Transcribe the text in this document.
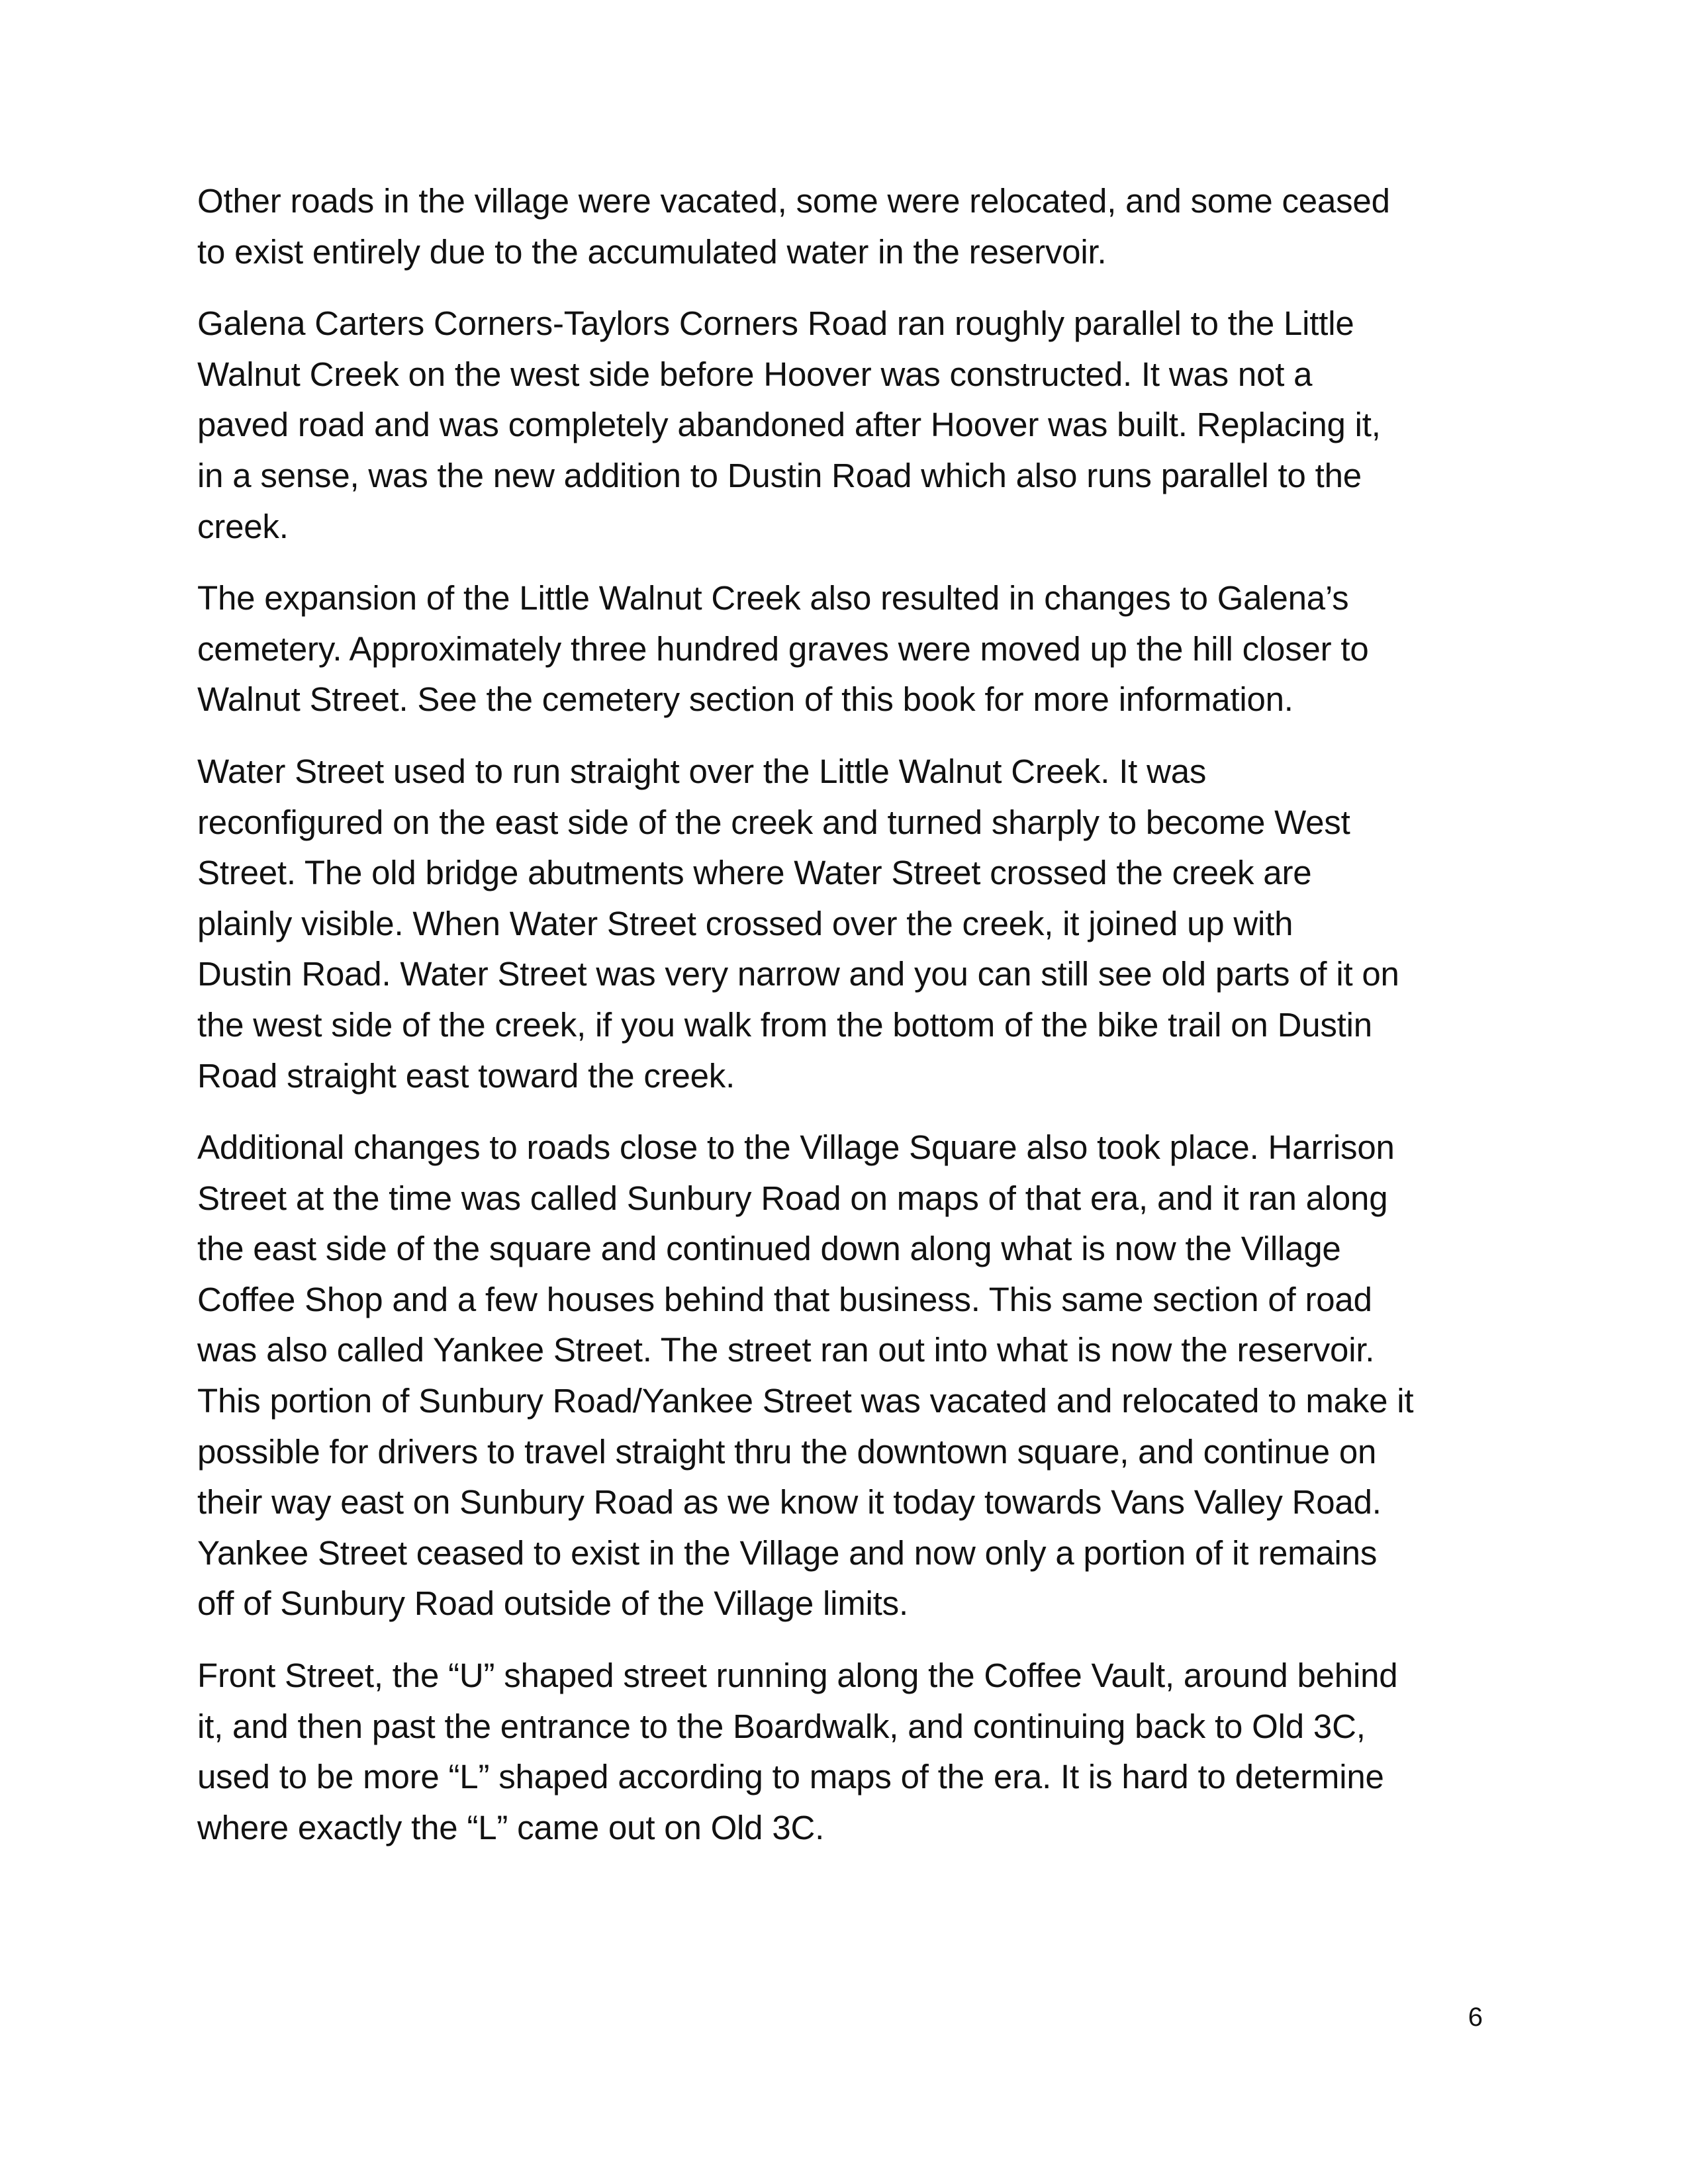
Other roads in the village were vacated, some were relocated, and some ceased
to exist entirely due to the accumulated water in the reservoir.

Galena Carters Corners-Taylors Corners Road ran roughly parallel to the Little
Walnut Creek on the west side before Hoover was constructed. It was not a
paved road and was completely abandoned after Hoover was built. Replacing it,
in a sense, was the new addition to Dustin Road which also runs parallel to the
creek.

The expansion of the Little Walnut Creek also resulted in changes to Galena’s
cemetery. Approximately three hundred graves were moved up the hill closer to
Walnut Street. See the cemetery section of this book for more information.

Water Street used to run straight over the Little Walnut Creek. It was
reconfigured on the east side of the creek and turned sharply to become West
Street. The old bridge abutments where Water Street crossed the creek are
plainly visible. When Water Street crossed over the creek, it joined up with
Dustin Road. Water Street was very narrow and you can still see old parts of it on
the west side of the creek, if you walk from the bottom of the bike trail on Dustin
Road straight east toward the creek.

Additional changes to roads close to the Village Square also took place. Harrison
Street at the time was called Sunbury Road on maps of that era, and it ran along
the east side of the square and continued down along what is now the Village
Coffee Shop and a few houses behind that business. This same section of road
was also called Yankee Street. The street ran out into what is now the reservoir.
This portion of Sunbury Road/Yankee Street was vacated and relocated to make it
possible for drivers to travel straight thru the downtown square, and continue on
their way east on Sunbury Road as we know it today towards Vans Valley Road.
Yankee Street ceased to exist in the Village and now only a portion of it remains
off of Sunbury Road outside of the Village limits.

Front Street, the “U” shaped street running along the Coffee Vault, around behind
it, and then past the entrance to the Boardwalk, and continuing back to Old 3C,
used to be more “L” shaped according to maps of the era. It is hard to determine
where exactly the “L” came out on Old 3C.

6
